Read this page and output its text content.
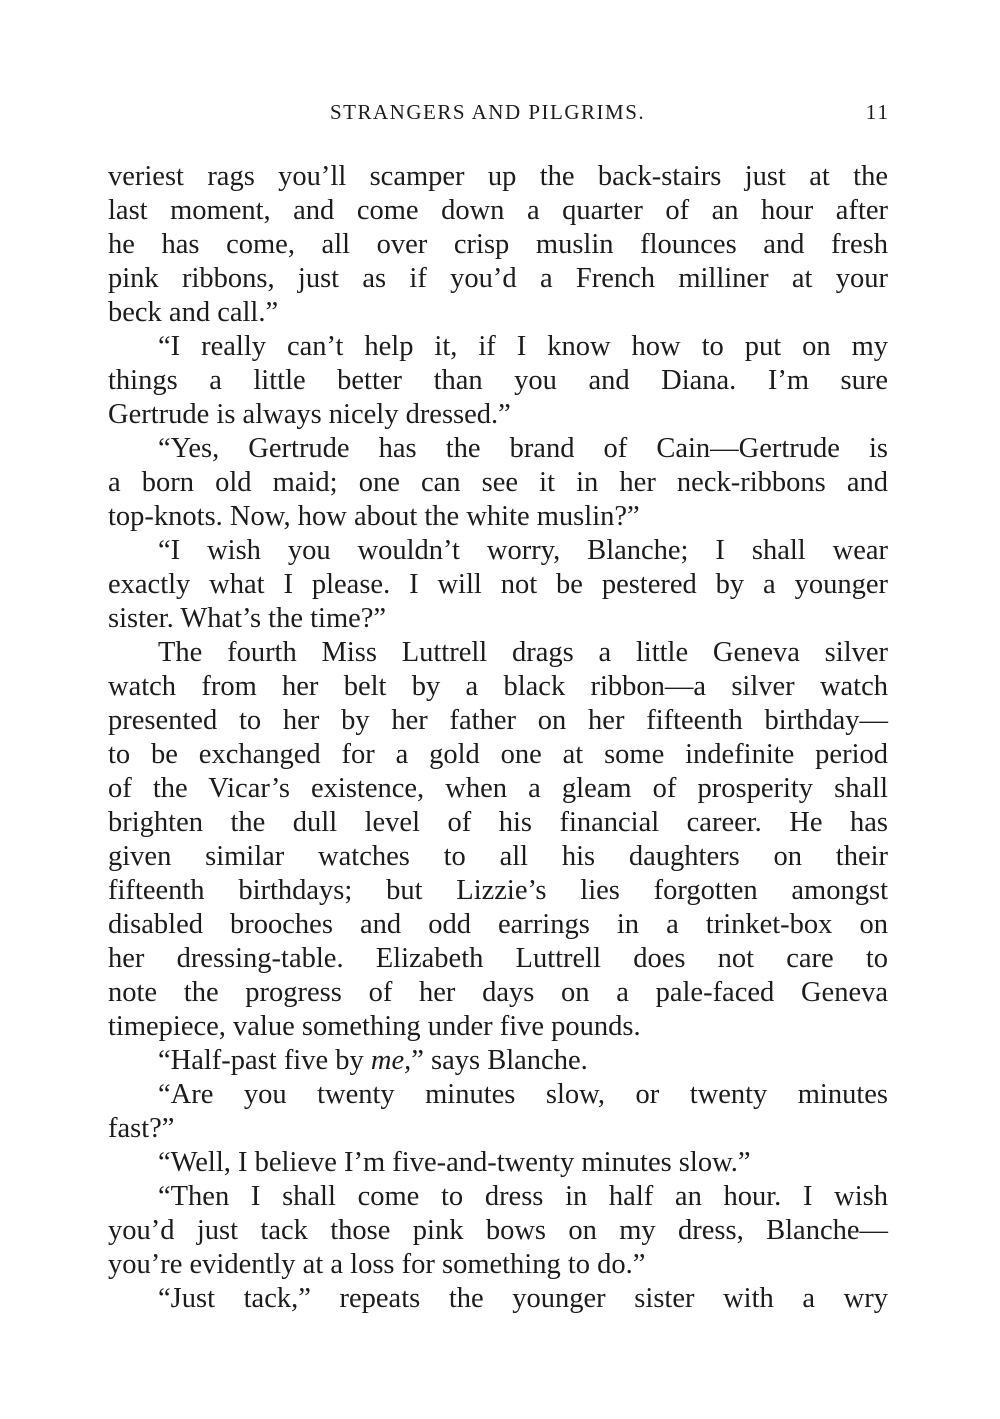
STRANGERS AND PILGRIMS.	11
veriest rags you’ll scamper up the back-stairs just at the
last moment, and come down a quarter of an hour after
he has come, all over crisp muslin flounces and fresh
pink ribbons, just as if you’d a French milliner at your
beck and call.”
“I really can’t help it, if I know how to put on my
things a little better than you and Diana. I’m sure
Gertrude is always nicely dressed.”
“Yes, Gertrude has the brand of Cain—Gertrude is
a born old maid; one can see it in her neck-ribbons and
top-knots. Now, how about the white muslin?”
“I wish you wouldn’t worry, Blanche; I shall wear
exactly what I please. I will not be pestered by a younger
sister. What’s the time?”
The fourth Miss Luttrell drags a little Geneva silver
watch from her belt by a black ribbon—a silver watch
presented to her by her father on her fifteenth birthday—
to be exchanged for a gold one at some indefinite period
of the Vicar’s existence, when a gleam of prosperity shall
brighten the dull level of his financial career. He has
given similar watches to all his daughters on their
fifteenth birthdays; but Lizzie’s lies forgotten amongst
disabled brooches and odd earrings in a trinket-box on
her dressing-table. Elizabeth Luttrell does not care to
note the progress of her days on a pale-faced Geneva
timepiece, value something under five pounds.
“Half-past five by me,” says Blanche.
“Are you twenty minutes slow, or twenty minutes
fast?”
“Well, I believe I’m five-and-twenty minutes slow.”
“Then I shall come to dress in half an hour. I wish
you’d just tack those pink bows on my dress, Blanche—
you’re evidently at a loss for something to do.”
“Just tack,” repeats the younger sister with a wry
